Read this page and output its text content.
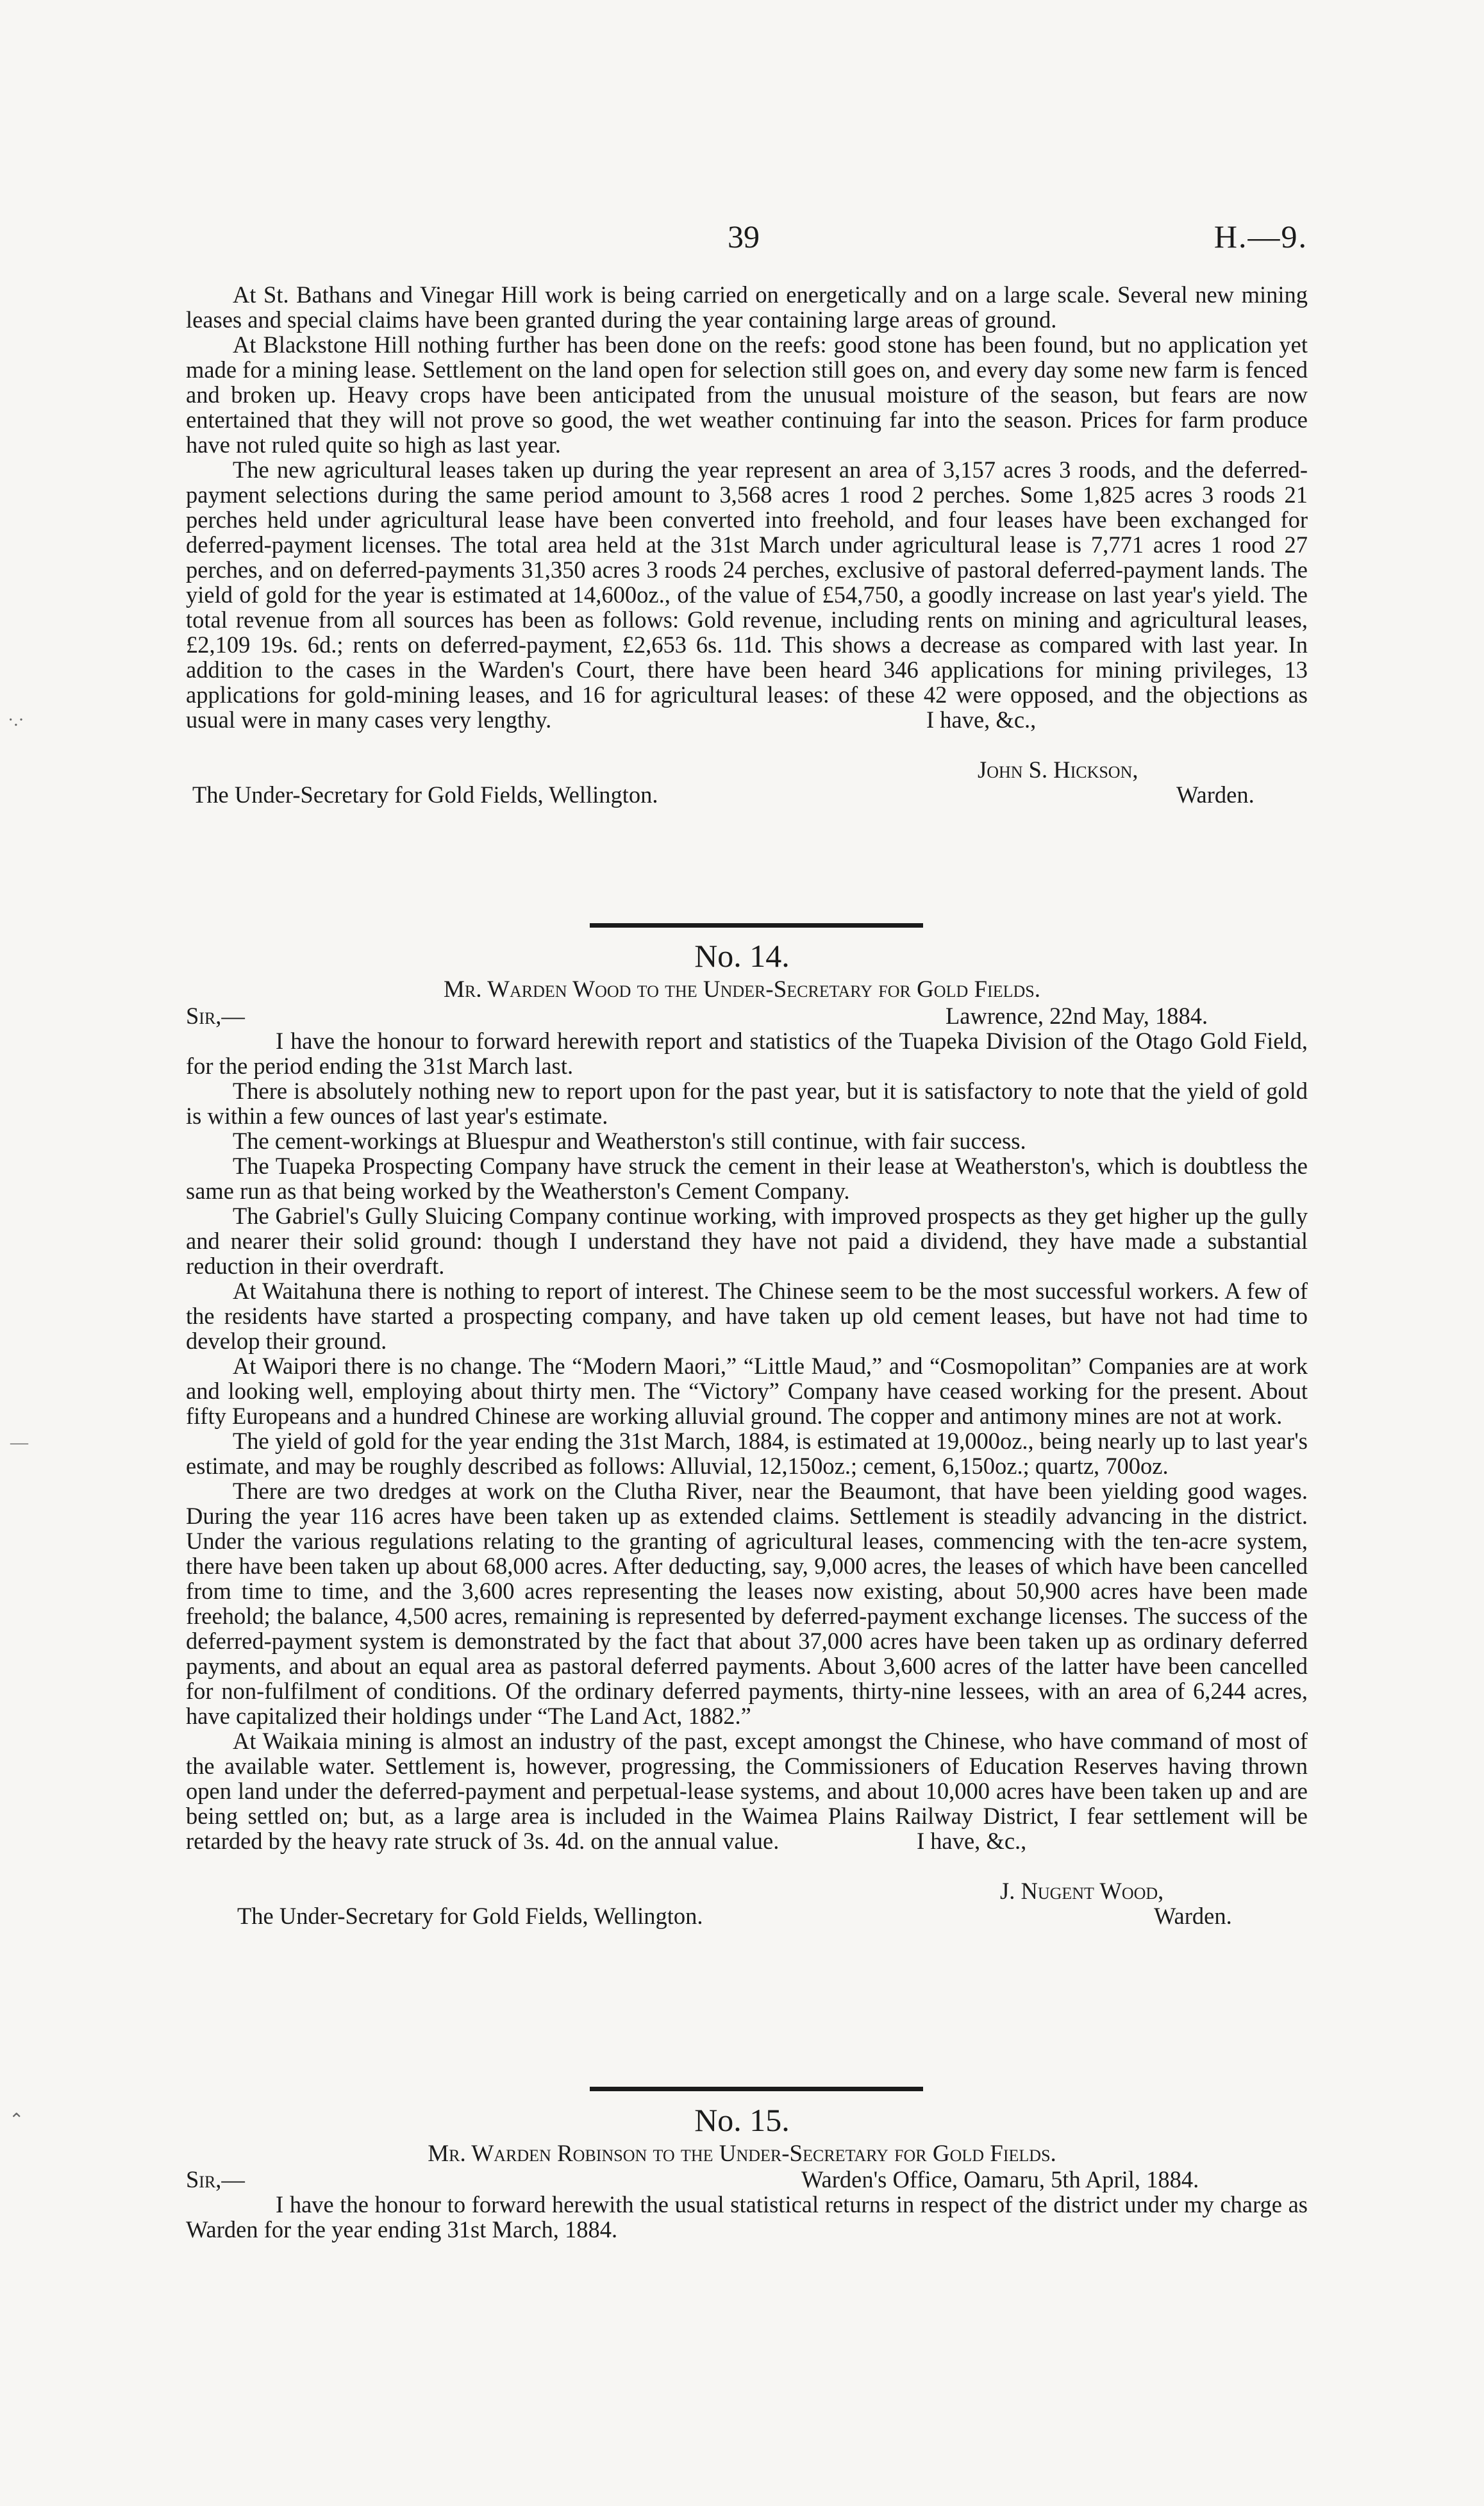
39	H.—9.

At St. Bathans and Vinegar Hill work is being carried on energetically and on a large scale. Several new mining leases and special claims have been granted during the year containing large areas of ground.

At Blackstone Hill nothing further has been done on the reefs: good stone has been found, but no application yet made for a mining lease. Settlement on the land open for selection still goes on, and every day some new farm is fenced and broken up. Heavy crops have been anticipated from the unusual moisture of the season, but fears are now entertained that they will not prove so good, the wet weather continuing far into the season. Prices for farm produce have not ruled quite so high as last year.

The new agricultural leases taken up during the year represent an area of 3,157 acres 3 roods, and the deferred-payment selections during the same period amount to 3,568 acres 1 rood 2 perches. Some 1,825 acres 3 roods 21 perches held under agricultural lease have been converted into freehold, and four leases have been exchanged for deferred-payment licenses. The total area held at the 31st March under agricultural lease is 7,771 acres 1 rood 27 perches, and on deferred-payments 31,350 acres 3 roods 24 perches, exclusive of pastoral deferred-payment lands. The yield of gold for the year is estimated at 14,600oz., of the value of £54,750, a goodly increase on last year's yield. The total revenue from all sources has been as follows: Gold revenue, including rents on mining and agricultural leases, £2,109 19s. 6d.; rents on deferred-payment, £2,653 6s. 11d. This shows a decrease as compared with last year. In addition to the cases in the Warden's Court, there have been heard 346 applications for mining privileges, 13 applications for gold-mining leases, and 16 for agricultural leases: of these 42 were opposed, and the objections as usual were in many cases very lengthy.	I have, &c.,
John S. Hickson,
The Under-Secretary for Gold Fields, Wellington.	Warden.
No. 14.
Mr. Warden Wood to the Under-Secretary for Gold Fields.
Sir,—	Lawrence, 22nd May, 1884.

I have the honour to forward herewith report and statistics of the Tuapeka Division of the Otago Gold Field, for the period ending the 31st March last.

There is absolutely nothing new to report upon for the past year, but it is satisfactory to note that the yield of gold is within a few ounces of last year's estimate.

The cement-workings at Bluespur and Weatherston's still continue, with fair success.

The Tuapeka Prospecting Company have struck the cement in their lease at Weatherston's, which is doubtless the same run as that being worked by the Weatherston's Cement Company.

The Gabriel's Gully Sluicing Company continue working, with improved prospects as they get higher up the gully and nearer their solid ground: though I understand they have not paid a dividend, they have made a substantial reduction in their overdraft.

At Waitahuna there is nothing to report of interest. The Chinese seem to be the most successful workers. A few of the residents have started a prospecting company, and have taken up old cement leases, but have not had time to develop their ground.

At Waipori there is no change. The “Modern Maori,” “Little Maud,” and “Cosmopolitan” Companies are at work and looking well, employing about thirty men. The “Victory” Company have ceased working for the present. About fifty Europeans and a hundred Chinese are working alluvial ground. The copper and antimony mines are not at work.

The yield of gold for the year ending the 31st March, 1884, is estimated at 19,000oz., being nearly up to last year's estimate, and may be roughly described as follows: Alluvial, 12,150oz.; cement, 6,150oz.; quartz, 700oz.

There are two dredges at work on the Clutha River, near the Beaumont, that have been yielding good wages. During the year 116 acres have been taken up as extended claims. Settlement is steadily advancing in the district. Under the various regulations relating to the granting of agricultural leases, commencing with the ten-acre system, there have been taken up about 68,000 acres. After deducting, say, 9,000 acres, the leases of which have been cancelled from time to time, and the 3,600 acres representing the leases now existing, about 50,900 acres have been made freehold; the balance, 4,500 acres, remaining is represented by deferred-payment exchange licenses. The success of the deferred-payment system is demonstrated by the fact that about 37,000 acres have been taken up as ordinary deferred payments, and about an equal area as pastoral deferred payments. About 3,600 acres of the latter have been cancelled for non-fulfilment of conditions. Of the ordinary deferred payments, thirty-nine lessees, with an area of 6,244 acres, have capitalized their holdings under “The Land Act, 1882.”

At Waikaia mining is almost an industry of the past, except amongst the Chinese, who have command of most of the available water. Settlement is, however, progressing, the Commissioners of Education Reserves having thrown open land under the deferred-payment and perpetual-lease systems, and about 10,000 acres have been taken up and are being settled on; but, as a large area is included in the Waimea Plains Railway District, I fear settlement will be retarded by the heavy rate struck of 3s. 4d. on the annual value.	I have, &c.,
J. Nugent Wood,
The Under-Secretary for Gold Fields, Wellington.	Warden.
No. 15.
Mr. Warden Robinson to the Under-Secretary for Gold Fields.
Sir,—	Warden's Office, Oamaru, 5th April, 1884.

I have the honour to forward herewith the usual statistical returns in respect of the district under my charge as Warden for the year ending 31st March, 1884.

·.·
—
⌃
